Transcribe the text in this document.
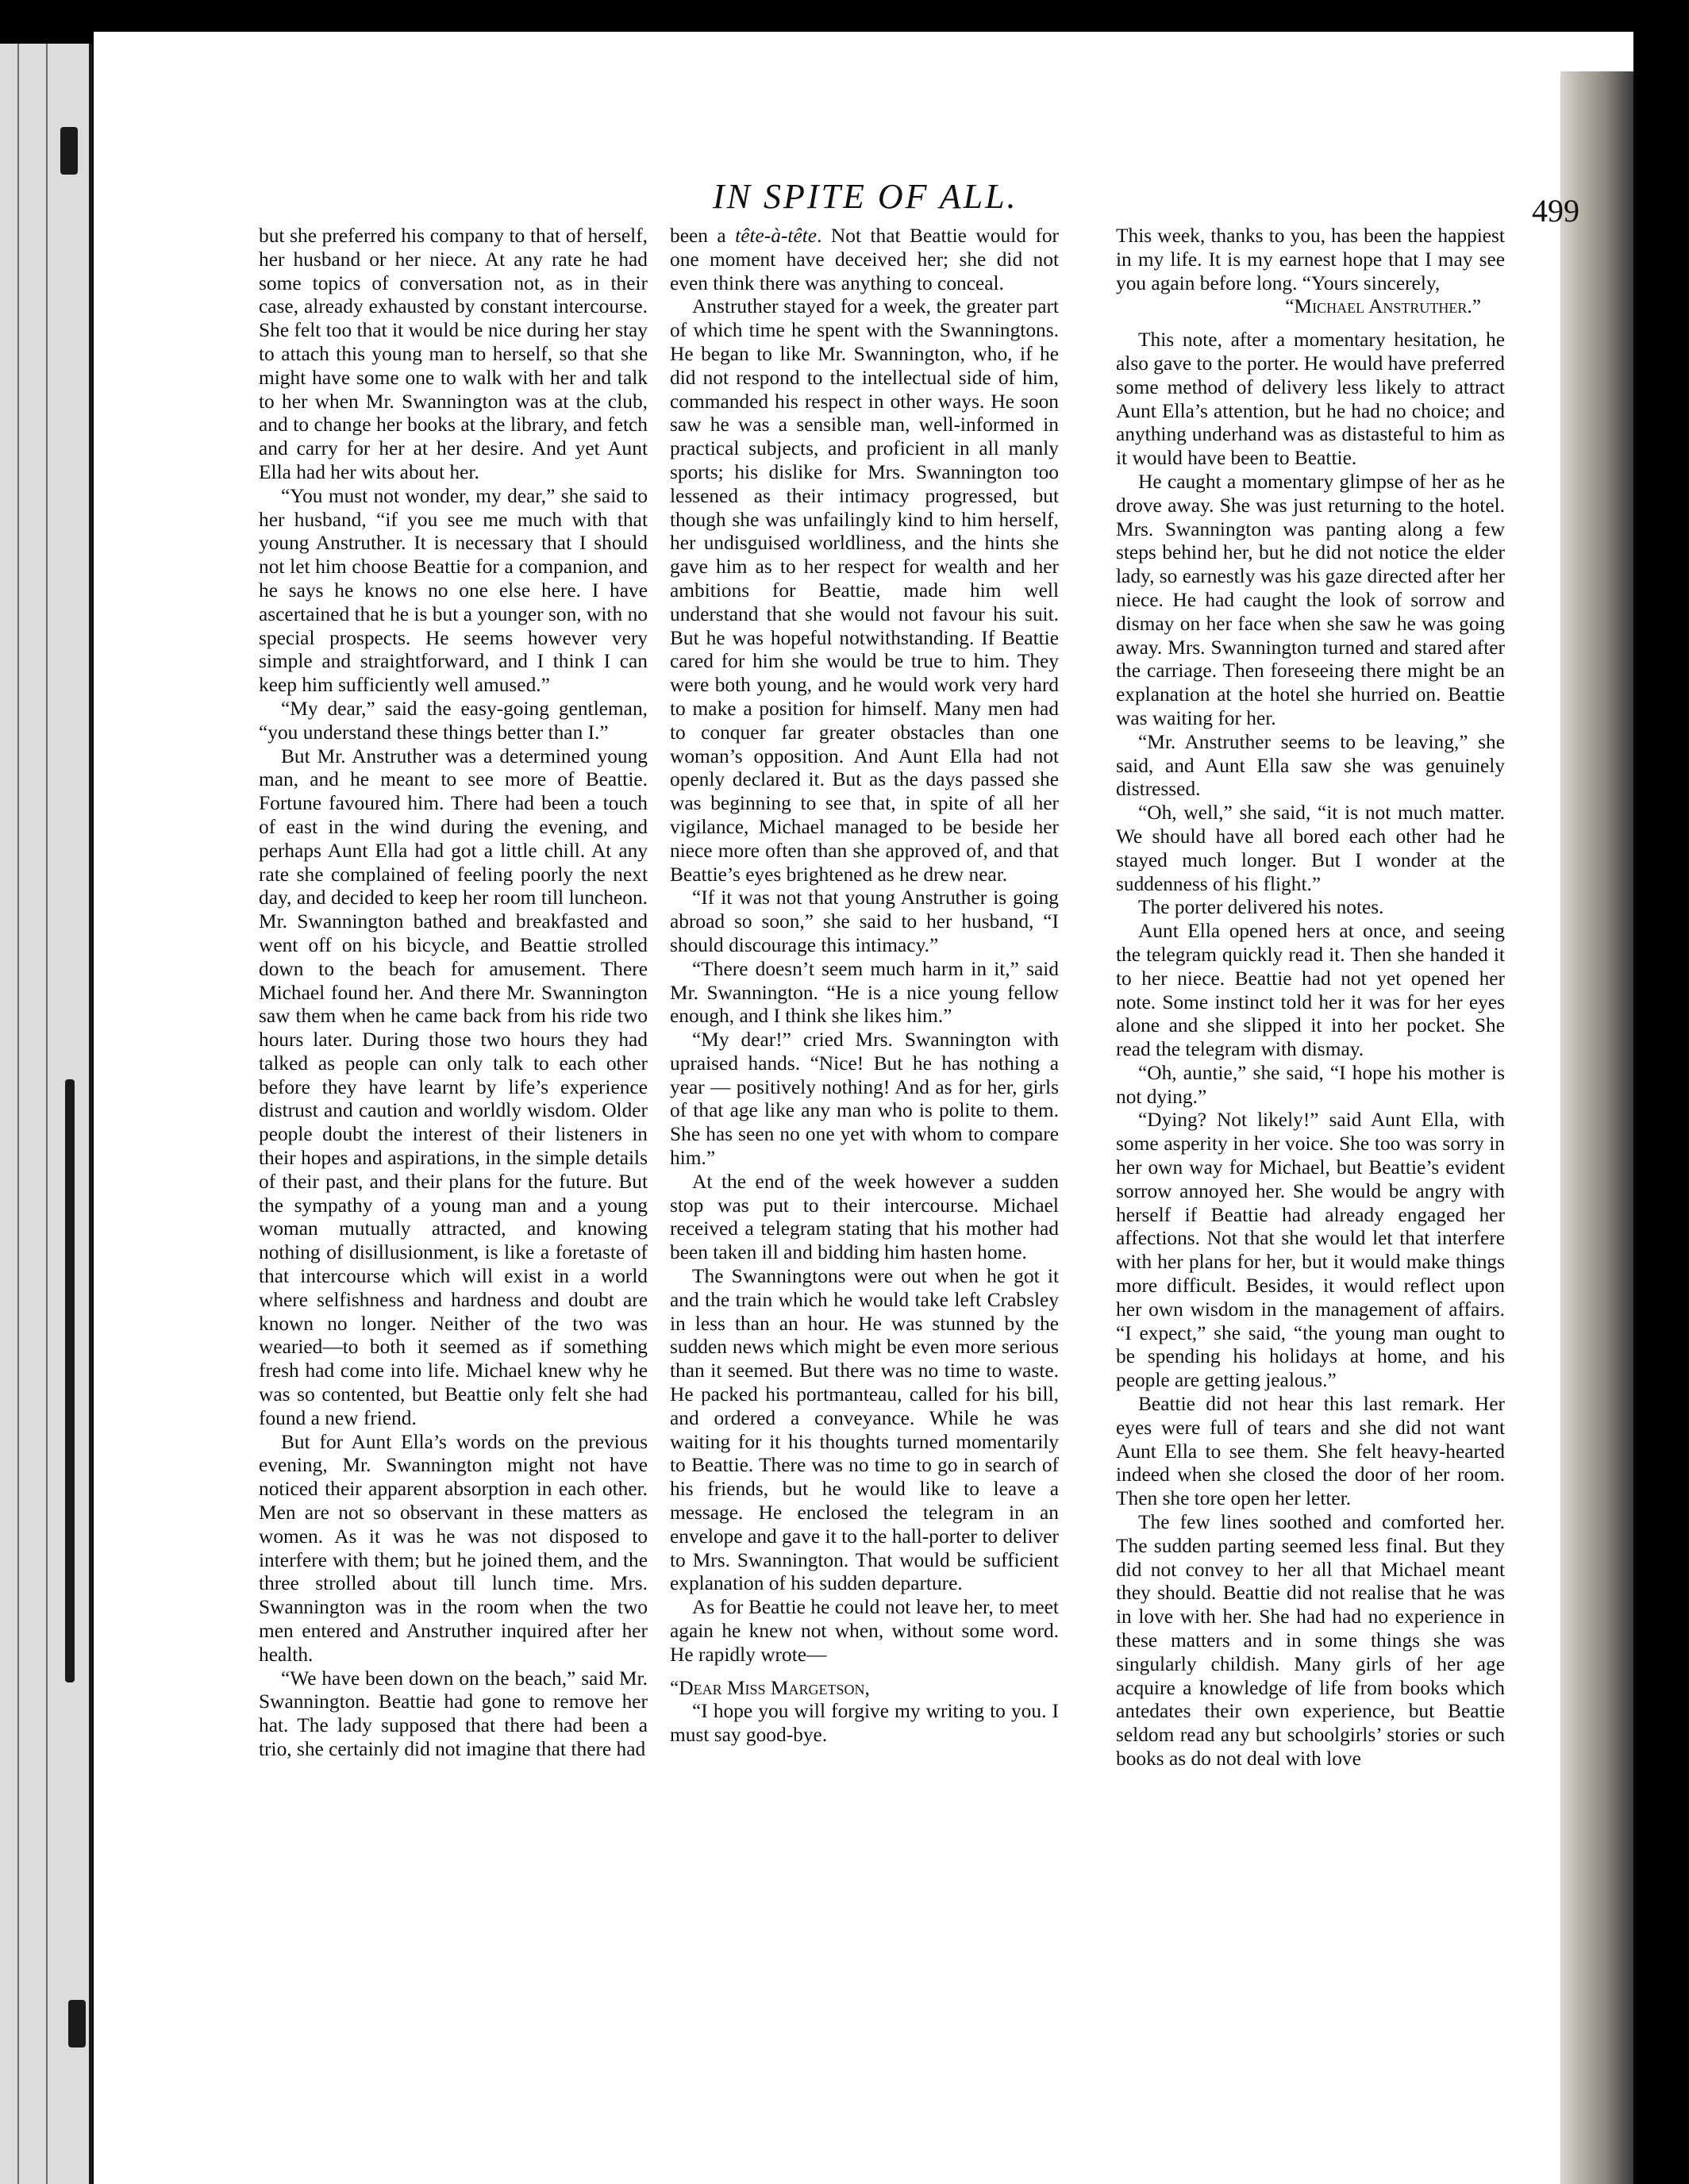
IN SPITE OF ALL.	499

but she preferred his company to that of herself, her husband or her niece. At any rate he had some topics of conversation not, as in their case, already exhausted by constant intercourse. She felt too that it would be nice during her stay to attach this young man to herself, so that she might have some one to walk with her and talk to her when Mr. Swannington was at the club, and to change her books at the library, and fetch and carry for her at her desire. And yet Aunt Ella had her wits about her.

“You must not wonder, my dear,” she said to her husband, “if you see me much with that young Anstruther. It is necessary that I should not let him choose Beattie for a companion, and he says he knows no one else here. I have ascertained that he is but a younger son, with no special prospects. He seems however very simple and straightforward, and I think I can keep him sufficiently well amused.”

“My dear,” said the easy-going gentleman, “you understand these things better than I.”

But Mr. Anstruther was a determined young man, and he meant to see more of Beattie. Fortune favoured him. There had been a touch of east in the wind during the evening, and perhaps Aunt Ella had got a little chill. At any rate she complained of feeling poorly the next day, and decided to keep her room till luncheon. Mr. Swannington bathed and breakfasted and went off on his bicycle, and Beattie strolled down to the beach for amusement. There Michael found her. And there Mr. Swannington saw them when he came back from his ride two hours later. During those two hours they had talked as people can only talk to each other before they have learnt by life’s experience distrust and caution and worldly wisdom. Older people doubt the interest of their listeners in their hopes and aspirations, in the simple details of their past, and their plans for the future. But the sympathy of a young man and a young woman mutually attracted, and knowing nothing of disillusionment, is like a foretaste of that intercourse which will exist in a world where selfishness and hardness and doubt are known no longer. Neither of the two was wearied—to both it seemed as if something fresh had come into life. Michael knew why he was so contented, but Beattie only felt she had found a new friend.

But for Aunt Ella’s words on the previous evening, Mr. Swannington might not have noticed their apparent absorption in each other. Men are not so observant in these matters as women. As it was he was not disposed to interfere with them; but he joined them, and the three strolled about till lunch time. Mrs. Swannington was in the room when the two men entered and Anstruther inquired after her health.

“We have been down on the beach,” said Mr. Swannington. Beattie had gone to remove her hat. The lady supposed that there had been a trio, she certainly did not imagine that there had

been a tête-à-tête. Not that Beattie would for one moment have deceived her; she did not even think there was anything to conceal.

Anstruther stayed for a week, the greater part of which time he spent with the Swanningtons. He began to like Mr. Swannington, who, if he did not respond to the intellectual side of him, commanded his respect in other ways. He soon saw he was a sensible man, well-informed in practical subjects, and proficient in all manly sports; his dislike for Mrs. Swannington too lessened as their intimacy progressed, but though she was unfailingly kind to him herself, her undisguised worldliness, and the hints she gave him as to her respect for wealth and her ambitions for Beattie, made him well understand that she would not favour his suit. But he was hopeful notwithstanding. If Beattie cared for him she would be true to him. They were both young, and he would work very hard to make a position for himself. Many men had to conquer far greater obstacles than one woman’s opposition. And Aunt Ella had not openly declared it. But as the days passed she was beginning to see that, in spite of all her vigilance, Michael managed to be beside her niece more often than she approved of, and that Beattie’s eyes brightened as he drew near.

“If it was not that young Anstruther is going abroad so soon,” she said to her husband, “I should discourage this intimacy.”

“There doesn’t seem much harm in it,” said Mr. Swannington. “He is a nice young fellow enough, and I think she likes him.”

“My dear!” cried Mrs. Swannington with upraised hands. “Nice! But he has nothing a year — positively nothing! And as for her, girls of that age like any man who is polite to them. She has seen no one yet with whom to compare him.”

At the end of the week however a sudden stop was put to their intercourse. Michael received a telegram stating that his mother had been taken ill and bidding him hasten home.

The Swanningtons were out when he got it and the train which he would take left Crabsley in less than an hour. He was stunned by the sudden news which might be even more serious than it seemed. But there was no time to waste. He packed his portmanteau, called for his bill, and ordered a conveyance. While he was waiting for it his thoughts turned momentarily to Beattie. There was no time to go in search of his friends, but he would like to leave a message. He enclosed the telegram in an envelope and gave it to the hall-porter to deliver to Mrs. Swannington. That would be sufficient explanation of his sudden departure.

As for Beattie he could not leave her, to meet again he knew not when, without some word. He rapidly wrote—

“Dear Miss Margetson,

“I hope you will forgive my writing to you. I must say good-bye.

This week, thanks to you, has been the happiest in my life. It is my earnest hope that I may see you again before long. “Yours sincerely,

“Michael Anstruther.”

This note, after a momentary hesitation, he also gave to the porter. He would have preferred some method of delivery less likely to attract Aunt Ella’s attention, but he had no choice; and anything underhand was as distasteful to him as it would have been to Beattie.

He caught a momentary glimpse of her as he drove away. She was just returning to the hotel. Mrs. Swannington was panting along a few steps behind her, but he did not notice the elder lady, so earnestly was his gaze directed after her niece. He had caught the look of sorrow and dismay on her face when she saw he was going away. Mrs. Swannington turned and stared after the carriage. Then foreseeing there might be an explanation at the hotel she hurried on. Beattie was waiting for her.

“Mr. Anstruther seems to be leaving,” she said, and Aunt Ella saw she was genuinely distressed.

“Oh, well,” she said, “it is not much matter. We should have all bored each other had he stayed much longer. But I wonder at the suddenness of his flight.”

The porter delivered his notes.

Aunt Ella opened hers at once, and seeing the telegram quickly read it. Then she handed it to her niece. Beattie had not yet opened her note. Some instinct told her it was for her eyes alone and she slipped it into her pocket. She read the telegram with dismay.

“Oh, auntie,” she said, “I hope his mother is not dying.”

“Dying? Not likely!” said Aunt Ella, with some asperity in her voice. She too was sorry in her own way for Michael, but Beattie’s evident sorrow annoyed her. She would be angry with herself if Beattie had already engaged her affections. Not that she would let that interfere with her plans for her, but it would make things more difficult. Besides, it would reflect upon her own wisdom in the management of affairs. “I expect,” she said, “the young man ought to be spending his holidays at home, and his people are getting jealous.”

Beattie did not hear this last remark. Her eyes were full of tears and she did not want Aunt Ella to see them. She felt heavy-hearted indeed when she closed the door of her room. Then she tore open her letter.

The few lines soothed and comforted her. The sudden parting seemed less final. But they did not convey to her all that Michael meant they should. Beattie did not realise that he was in love with her. She had had no experience in these matters and in some things she was singularly childish. Many girls of her age acquire a knowledge of life from books which antedates their own experience, but Beattie seldom read any but schoolgirls’ stories or such books as do not deal with love
